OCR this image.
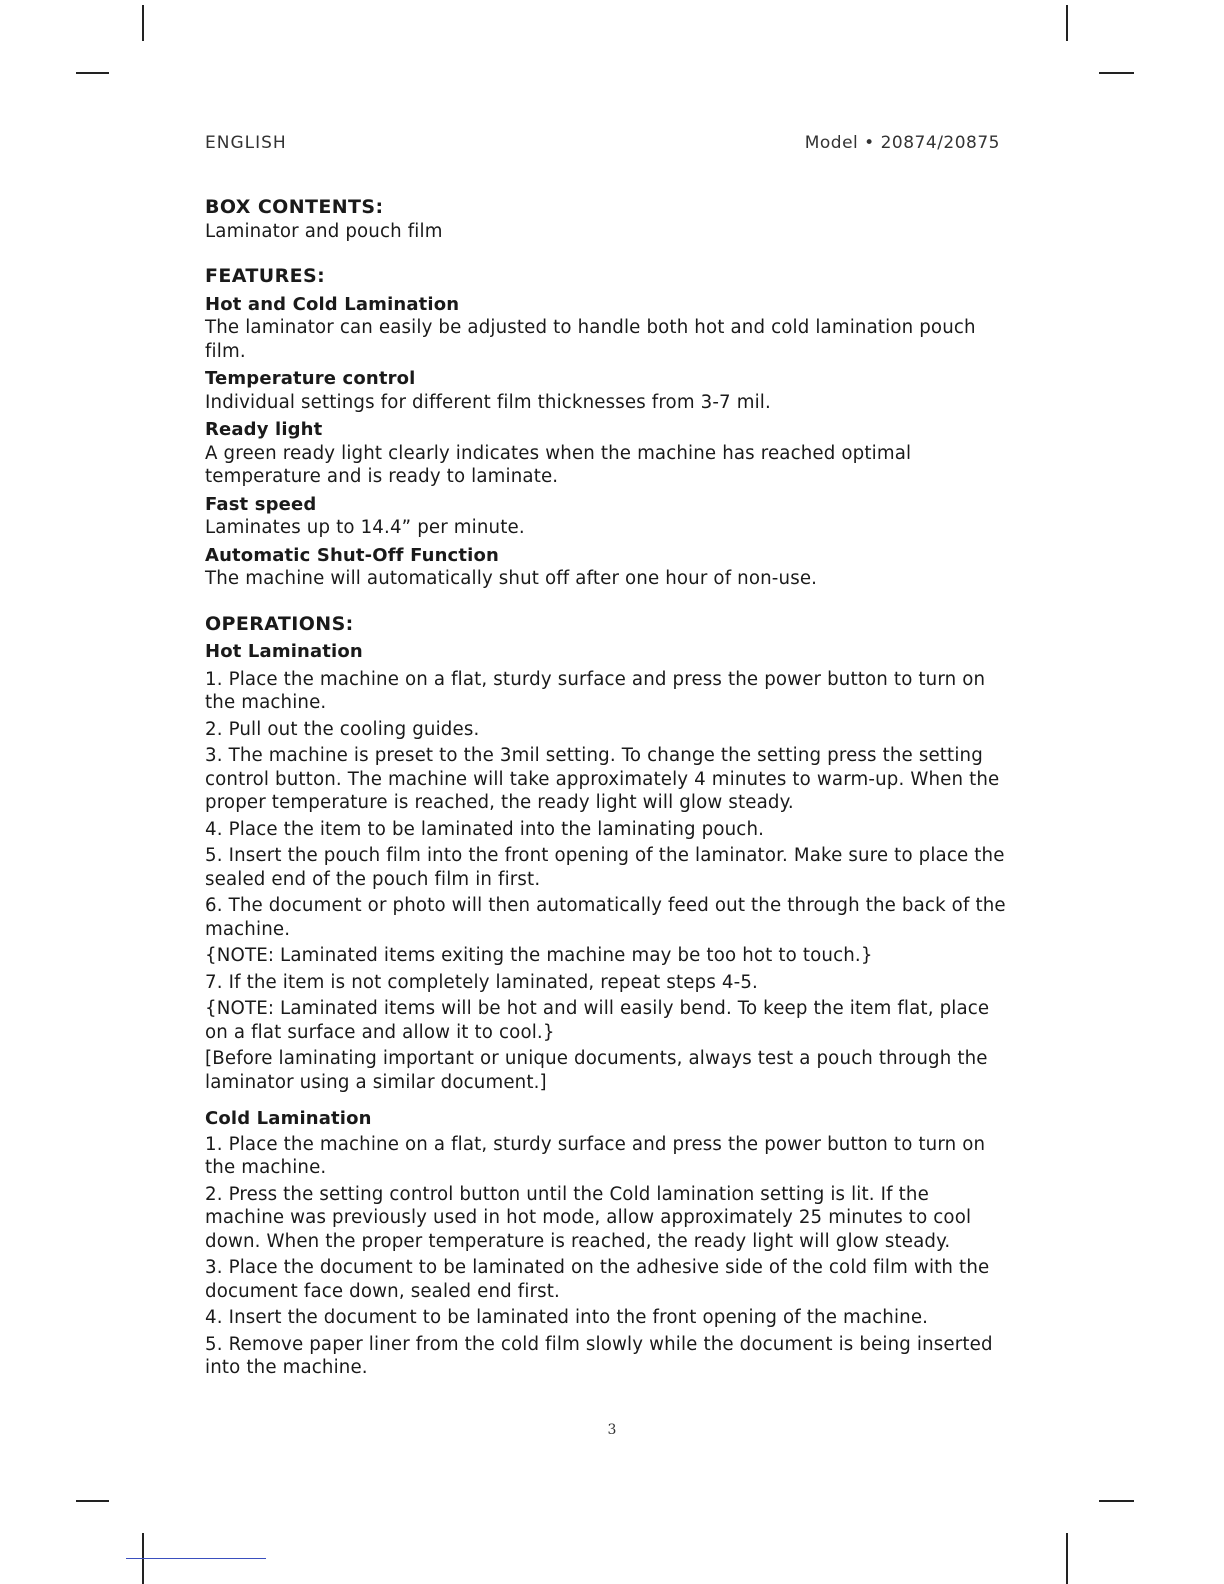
ENGLISH	Model • 20874/20875

BOX CONTENTS:

Laminator and pouch film

FEATURES:

Hot and Cold Lamination

The laminator can easily be adjusted to handle both hot and cold lamination pouch film.

Temperature control

Individual settings for different film thicknesses from 3-7 mil.

Ready light

A green ready light clearly indicates when the machine has reached optimal temperature and is ready to laminate.

Fast speed

Laminates up to 14.4” per minute.

Automatic Shut-Off Function

The machine will automatically shut off after one hour of non-use.

OPERATIONS:

Hot Lamination

1. Place the machine on a flat, sturdy surface and press the power button to turn on the machine.

2. Pull out the cooling guides.

3. The machine is preset to the 3mil setting. To change the setting press the setting control button. The machine will take approximately 4 minutes to warm-up. When the proper temperature is reached, the ready light will glow steady.

4. Place the item to be laminated into the laminating pouch.

5. Insert the pouch film into the front opening of the laminator. Make sure to place the sealed end of the pouch film in first.

6. The document or photo will then automatically feed out the through the back of the machine.

{NOTE: Laminated items exiting the machine may be too hot to touch.}

7. If the item is not completely laminated, repeat steps 4-5.

{NOTE: Laminated items will be hot and will easily bend. To keep the item flat, place on a flat surface and allow it to cool.}

[Before laminating important or unique documents, always test a pouch through the laminator using a similar document.]

Cold Lamination

1. Place the machine on a flat, sturdy surface and press the power button to turn on the machine.

2. Press the setting control button until the Cold lamination setting is lit. If the machine was previously used in hot mode, allow approximately 25 minutes to cool down. When the proper temperature is reached, the ready light will glow steady.

3. Place the document to be laminated on the adhesive side of the cold film with the document face down, sealed end first.

4. Insert the document to be laminated into the front opening of the machine.

5. Remove paper liner from the cold film slowly while the document is being inserted into the machine.

3
